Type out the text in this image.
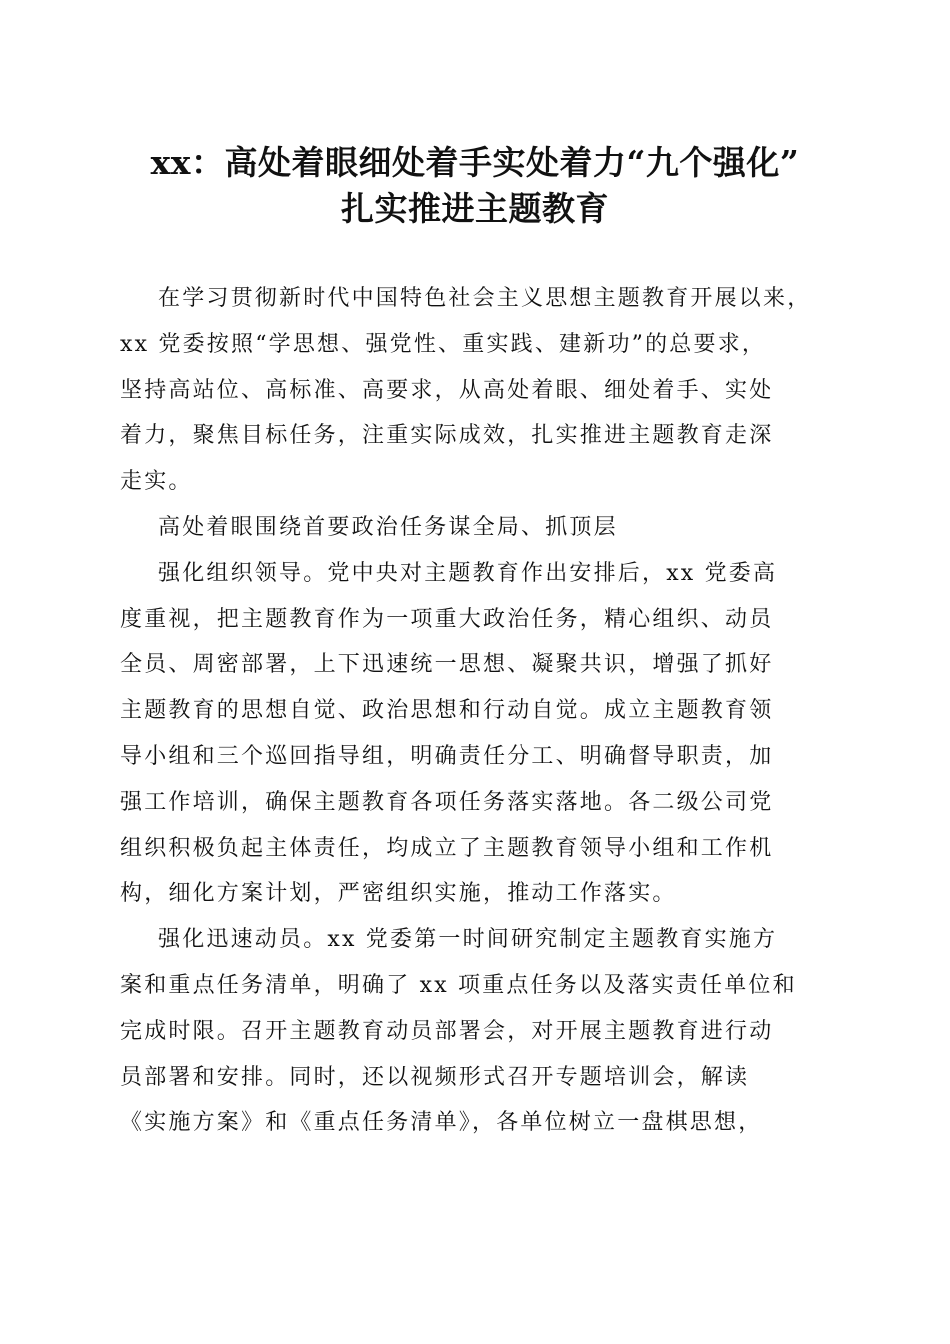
xx：高处着眼细处着手实处着力“九个强化”
扎实推进主题教育
在学习贯彻新时代中国特色社会主义思想主题教育开展以来，
xx 党委按照“学思想、强党性、重实践、建新功”的总要求，
坚持高站位、高标准、高要求，从高处着眼、细处着手、实处
着力，聚焦目标任务，注重实际成效，扎实推进主题教育走深
走实。
高处着眼围绕首要政治任务谋全局、抓顶层
强化组织领导。党中央对主题教育作出安排后，xx 党委高
度重视，把主题教育作为一项重大政治任务，精心组织、动员
全员、周密部署，上下迅速统一思想、凝聚共识，增强了抓好
主题教育的思想自觉、政治思想和行动自觉。成立主题教育领
导小组和三个巡回指导组，明确责任分工、明确督导职责，加
强工作培训，确保主题教育各项任务落实落地。各二级公司党
组织积极负起主体责任，均成立了主题教育领导小组和工作机
构，细化方案计划，严密组织实施，推动工作落实。
强化迅速动员。xx 党委第一时间研究制定主题教育实施方
案和重点任务清单，明确了 xx 项重点任务以及落实责任单位和
完成时限。召开主题教育动员部署会，对开展主题教育进行动
员部署和安排。同时，还以视频形式召开专题培训会，解读
《实施方案》和《重点任务清单》，各单位树立一盘棋思想，
